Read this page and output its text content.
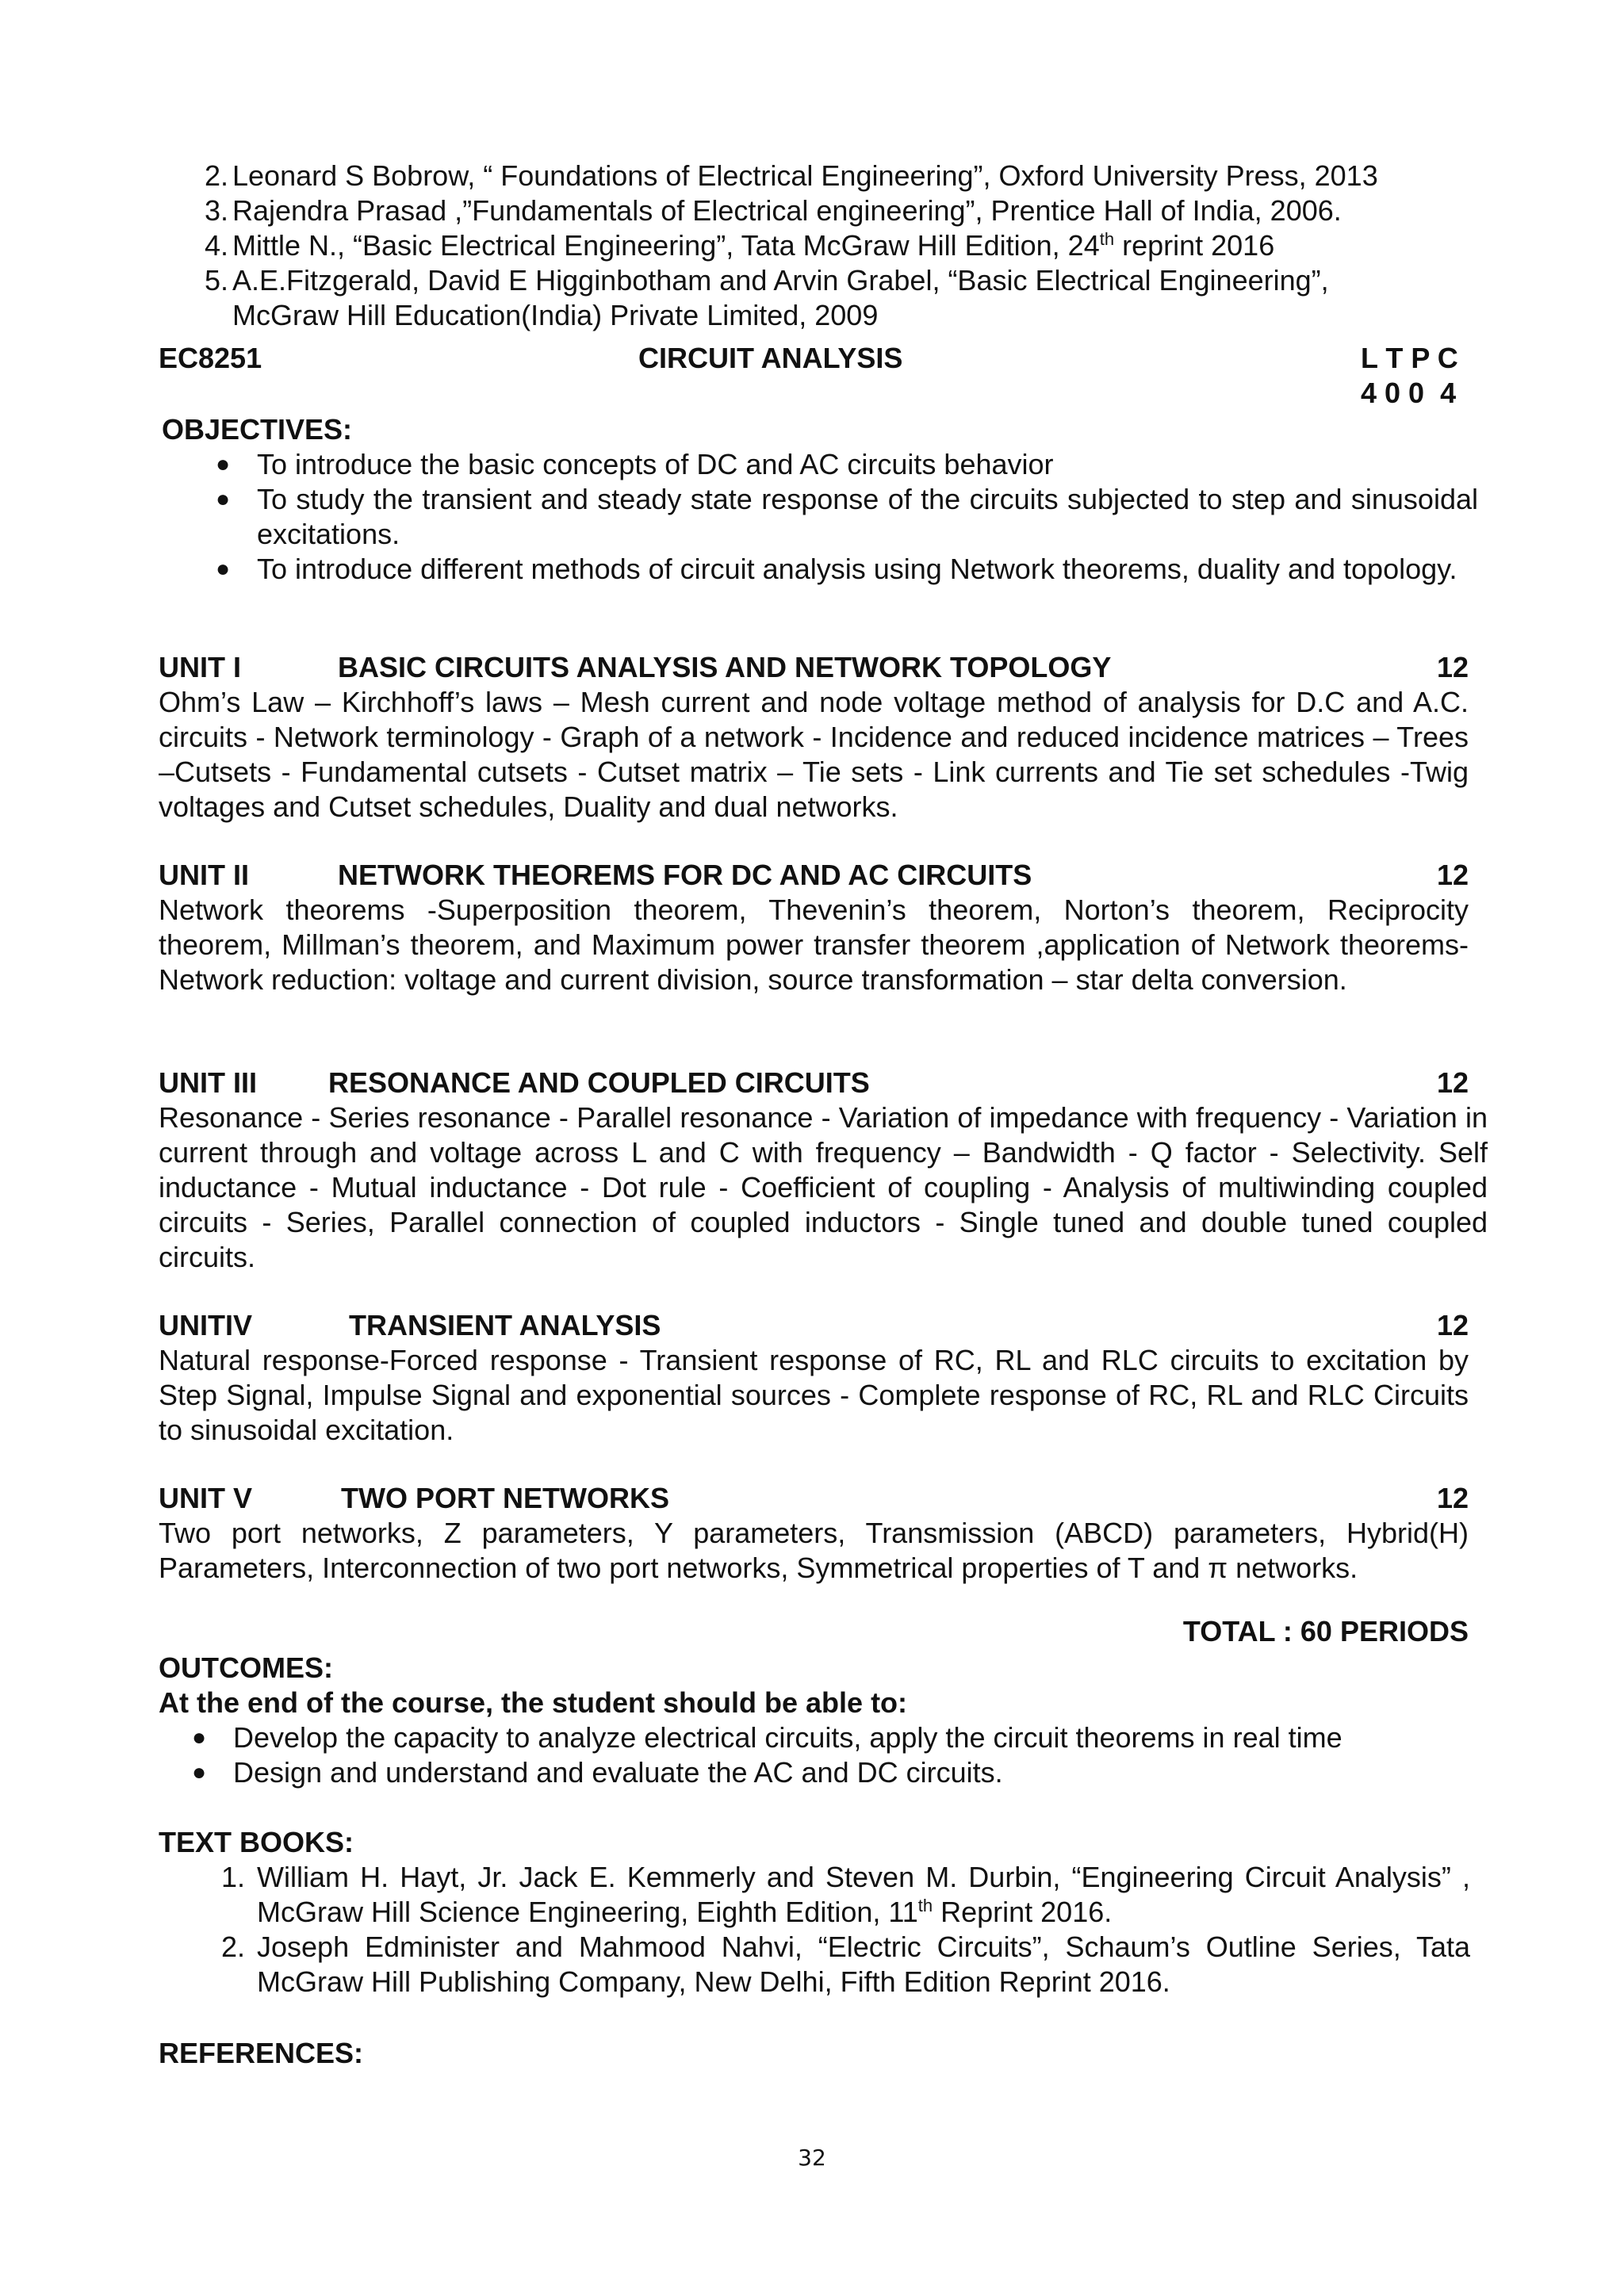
2. Leonard S Bobrow, “ Foundations of Electrical Engineering”, Oxford University Press, 2013
3. Rajendra Prasad ,”Fundamentals of Electrical engineering”, Prentice Hall of India, 2006.
4. Mittle N., “Basic Electrical Engineering”, Tata McGraw Hill Edition, 24th reprint 2016
5. A.E.Fitzgerald, David E Higginbotham and Arvin Grabel, “Basic Electrical Engineering”,
McGraw Hill Education(India) Private Limited, 2009
EC8251	CIRCUIT ANALYSIS	L T P C
4 0 0  4
OBJECTIVES:
● To introduce the basic concepts of DC and AC circuits behavior
● To study the transient and steady state response of the circuits subjected to step and sinusoidal excitations.
● To introduce different methods of circuit analysis using Network theorems, duality and topology.
UNIT I	BASIC CIRCUITS ANALYSIS AND NETWORK TOPOLOGY	12

Ohm’s Law – Kirchhoff’s laws – Mesh current and node voltage method of analysis for D.C and A.C. circuits - Network terminology - Graph of a network - Incidence and reduced incidence matrices – Trees –Cutsets - Fundamental cutsets - Cutset matrix – Tie sets - Link currents and Tie set schedules -Twig voltages and Cutset schedules, Duality and dual networks.

UNIT II	NETWORK THEOREMS FOR DC AND AC CIRCUITS	12

Network theorems -Superposition theorem, Thevenin’s theorem, Norton’s theorem, Reciprocity theorem, Millman’s theorem, and Maximum power transfer theorem ,application of Network theorems- Network reduction: voltage and current division, source transformation – star delta conversion.

UNIT III	RESONANCE AND COUPLED CIRCUITS	12

Resonance - Series resonance - Parallel resonance - Variation of impedance with frequency - Variation in current through and voltage across L and C with frequency – Bandwidth - Q factor - Selectivity. Self inductance - Mutual inductance - Dot rule - Coefficient of coupling - Analysis of multiwinding coupled circuits - Series, Parallel connection of coupled inductors - Single tuned and double tuned coupled circuits.

UNITIV	TRANSIENT ANALYSIS	12

Natural response-Forced response - Transient response of RC, RL and RLC circuits to excitation by Step Signal, Impulse Signal and exponential sources - Complete response of RC, RL and RLC Circuits to sinusoidal excitation.

UNIT V	TWO PORT NETWORKS	12

Two port networks, Z parameters, Y parameters, Transmission (ABCD) parameters, Hybrid(H) Parameters, Interconnection of two port networks, Symmetrical properties of T and π networks.

TOTAL : 60 PERIODS
OUTCOMES:
At the end of the course, the student should be able to:
● Develop the capacity to analyze electrical circuits, apply the circuit theorems in real time
● Design and understand and evaluate the AC and DC circuits.
TEXT BOOKS:
1. William H. Hayt, Jr. Jack E. Kemmerly and Steven M. Durbin, “Engineering Circuit Analysis” , McGraw Hill Science Engineering, Eighth Edition, 11th Reprint 2016.
2. Joseph Edminister and Mahmood Nahvi, “Electric Circuits”, Schaum’s Outline Series, Tata McGraw Hill Publishing Company, New Delhi, Fifth Edition Reprint 2016.
REFERENCES:
32
